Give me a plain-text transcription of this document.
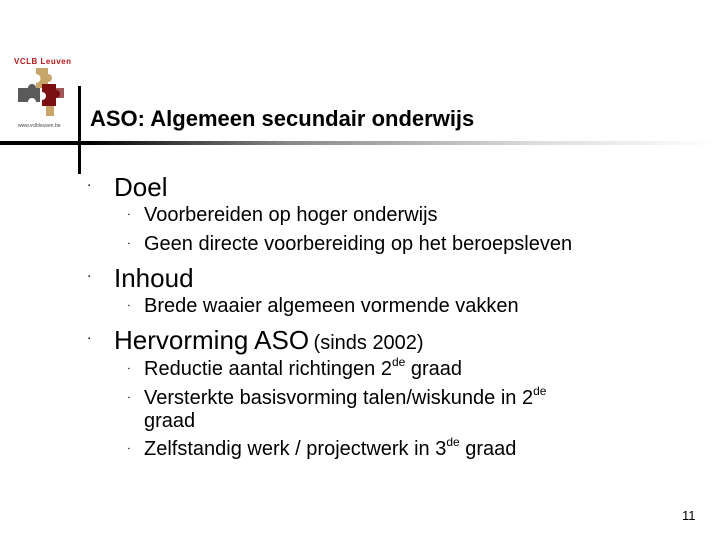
VCLB Leuven
www.vclbleuven.be ASO: Algemeen secundair onderwijs
▪ Doel
▪ Voorbereiden op hoger onderwijs
▪ Geen directe voorbereiding op het beroepsleven
▪ Inhoud
▪ Brede waaier algemeen vormende vakken
▪ Hervorming ASO (sinds 2002)
▪ Reductie aantal richtingen 2de graad
▪ Versterkte basisvorming talen/wiskunde in 2de
graad
▪ Zelfstandig werk / projectwerk in 3de graad
11
